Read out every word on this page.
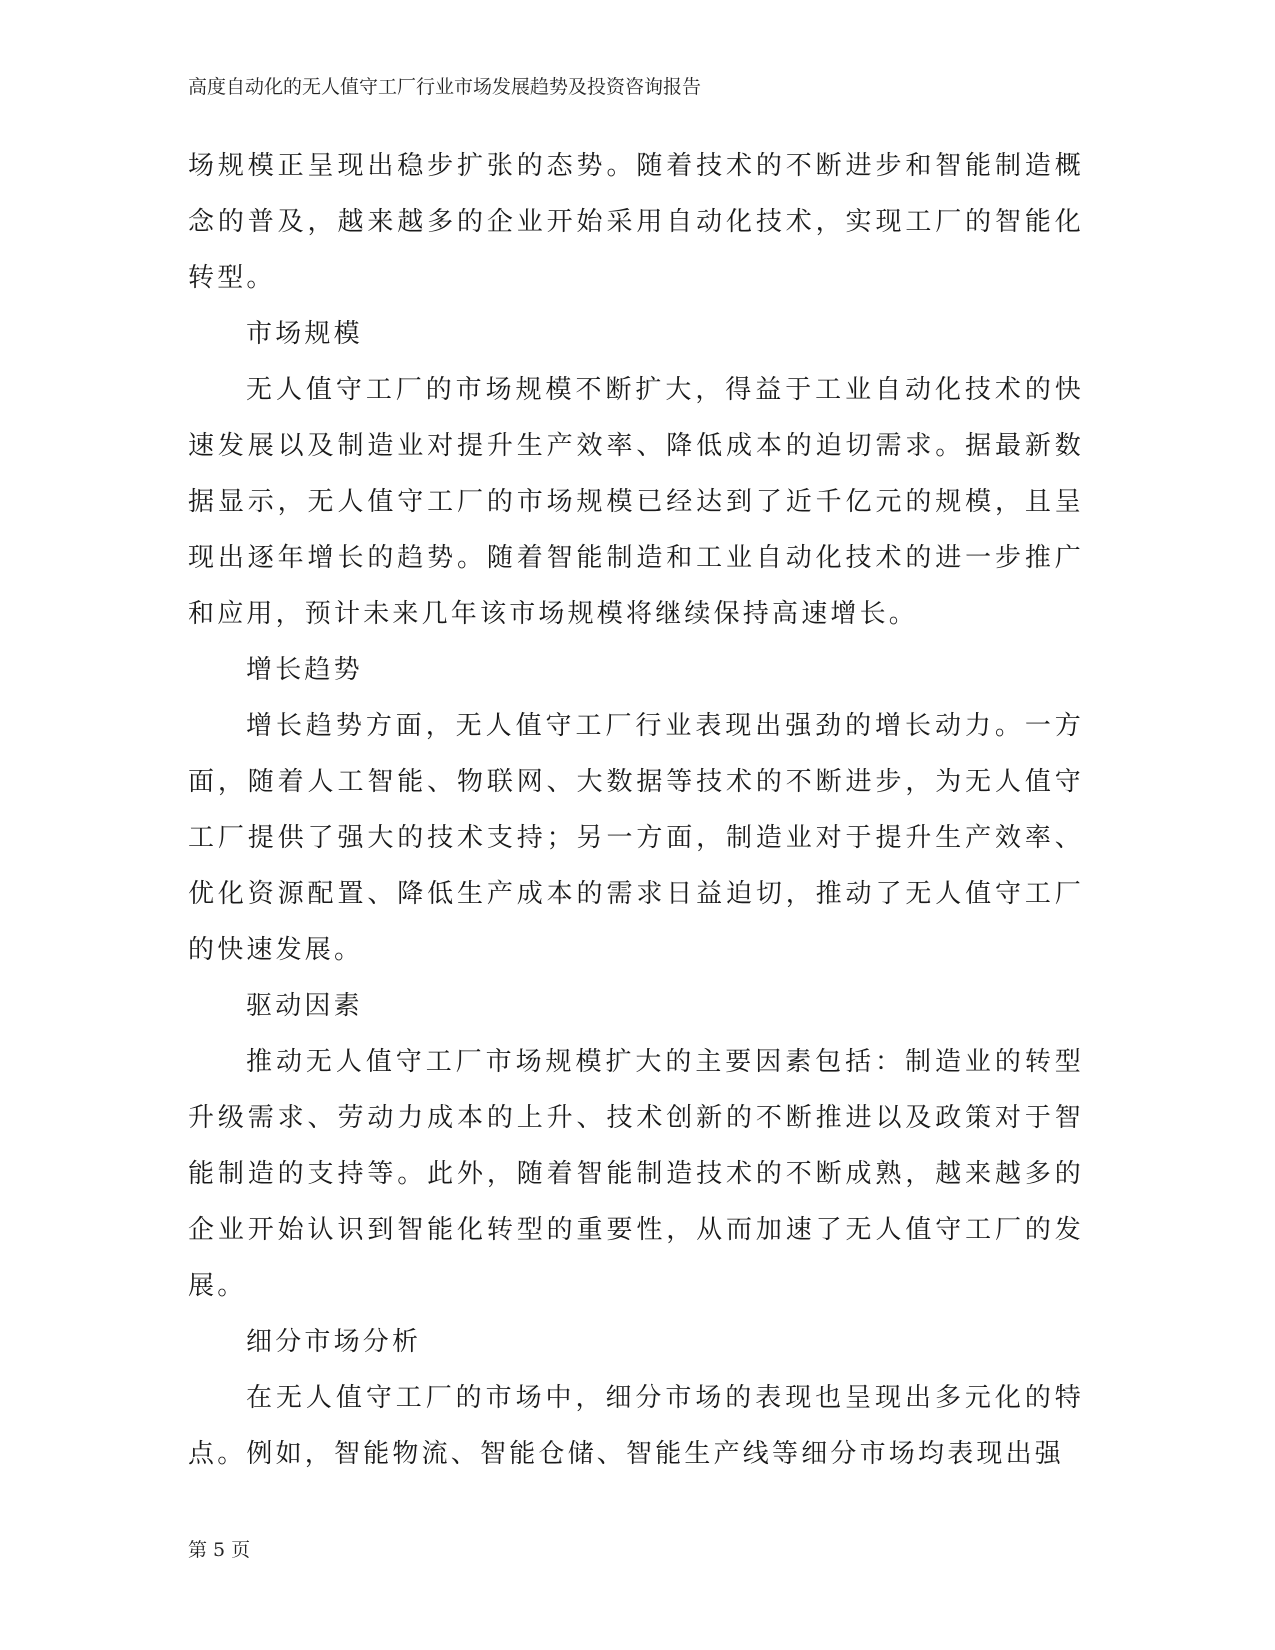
高度自动化的无人值守工厂行业市场发展趋势及投资咨询报告

场规模正呈现出稳步扩张的态势。随着技术的不断进步和智能制造概念的普及，越来越多的企业开始采用自动化技术，实现工厂的智能化转型。

市场规模

无人值守工厂的市场规模不断扩大，得益于工业自动化技术的快速发展以及制造业对提升生产效率、降低成本的迫切需求。据最新数据显示，无人值守工厂的市场规模已经达到了近千亿元的规模，且呈现出逐年增长的趋势。随着智能制造和工业自动化技术的进一步推广和应用，预计未来几年该市场规模将继续保持高速增长。

增长趋势

增长趋势方面，无人值守工厂行业表现出强劲的增长动力。一方面，随着人工智能、物联网、大数据等技术的不断进步，为无人值守工厂提供了强大的技术支持；另一方面，制造业对于提升生产效率、优化资源配置、降低生产成本的需求日益迫切，推动了无人值守工厂的快速发展。

驱动因素

推动无人值守工厂市场规模扩大的主要因素包括：制造业的转型升级需求、劳动力成本的上升、技术创新的不断推进以及政策对于智能制造的支持等。此外，随着智能制造技术的不断成熟，越来越多的企业开始认识到智能化转型的重要性，从而加速了无人值守工厂的发展。

细分市场分析

在无人值守工厂的市场中，细分市场的表现也呈现出多元化的特点。例如，智能物流、智能仓储、智能生产线等细分市场均表现出强

第 5 页
